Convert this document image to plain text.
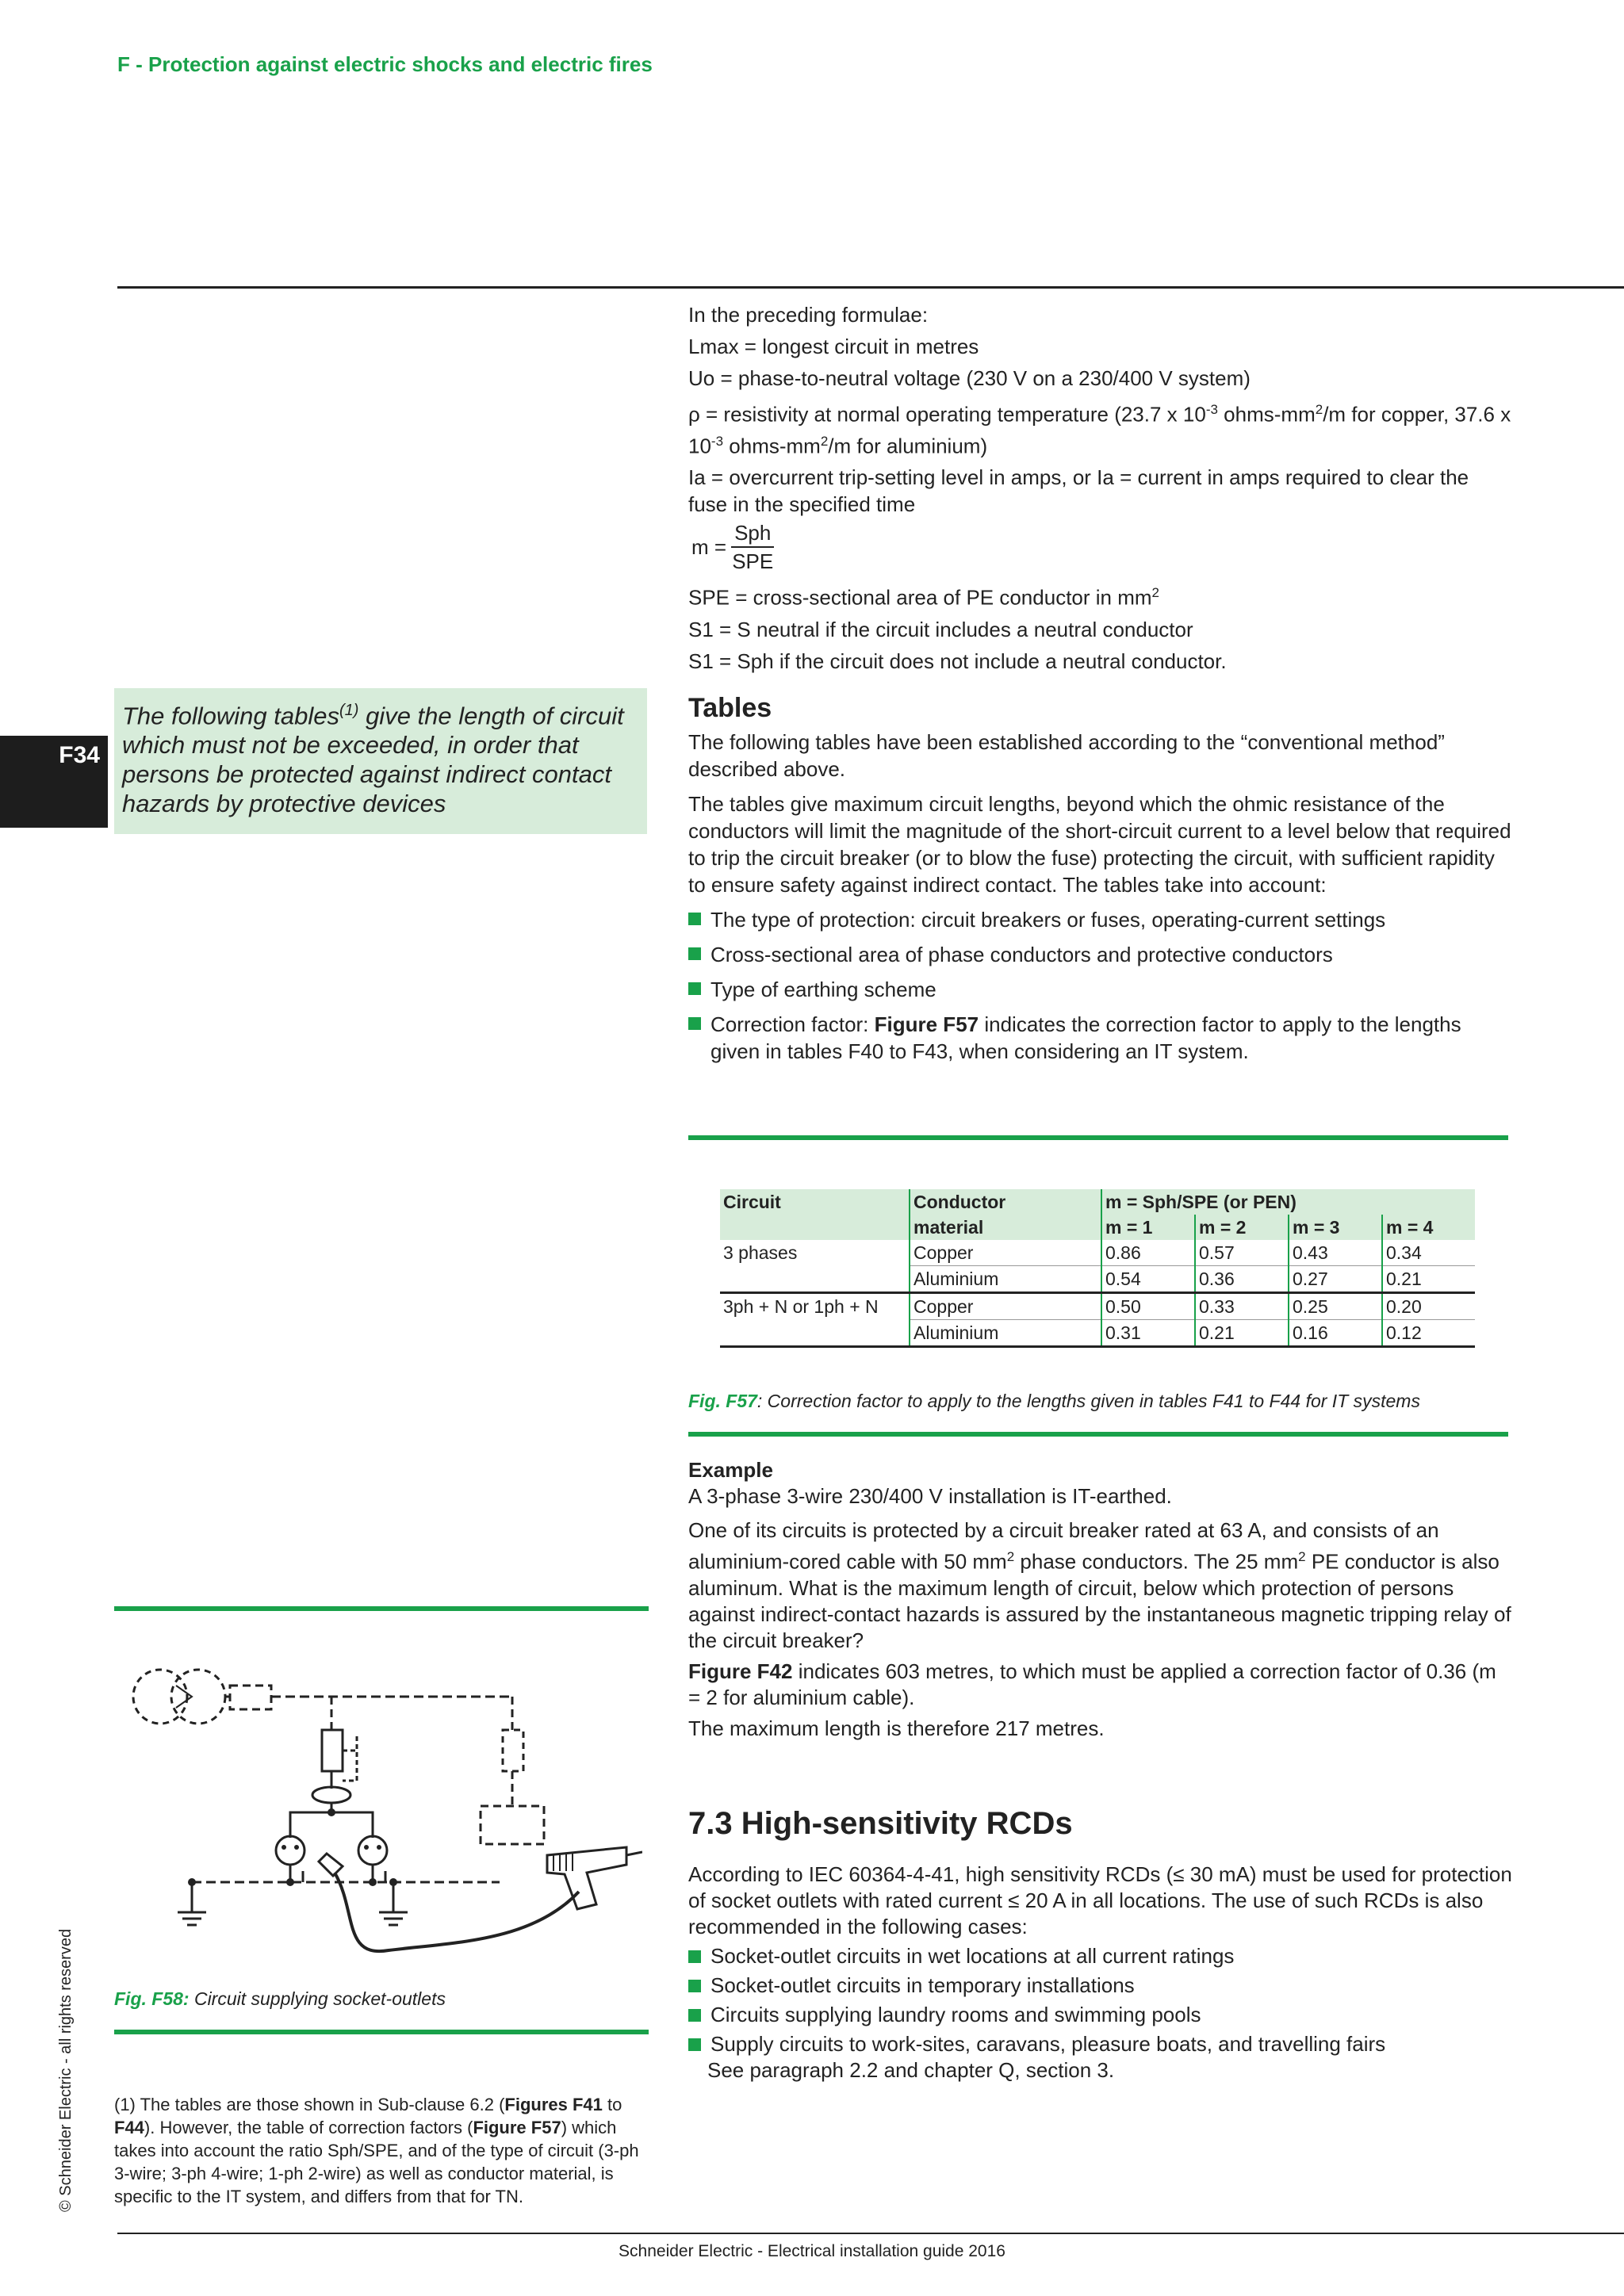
F - Protection against electric shocks and electric fires
F34
© Schneider Electric - all rights reserved
The following tables$^{(1)}$ give the length of circuit which must not be exceeded, in order that persons be protected against indirect contact hazards by protective devices

In the preceding formulae:

Lmax = longest circuit in metres

Uo = phase-to-neutral voltage (230 V on a 230/400 V system)

ρ = resistivity at normal operating temperature (23.7 x $10^{-3}$ ohms-$mm^2/m$ for copper, 37.6 x $10^{-3}$ ohms-$mm^2/m$ for aluminium)

Ia = overcurrent trip-setting level in amps, or Ia = current in amps required to clear the fuse in the specified time

$m = \frac{\text{Sph}}{\text{SPE}}$

SPE = cross-sectional area of PE conductor in $mm^2$

S1 = S neutral if the circuit includes a neutral conductor

S1 = Sph if the circuit does not include a neutral conductor.

Tables

The following tables have been established according to the “conventional method” described above.

The tables give maximum circuit lengths, beyond which the ohmic resistance of the conductors will limit the magnitude of the short-circuit current to a level below that required to trip the circuit breaker (or to blow the fuse) protecting the circuit, with sufficient rapidity to ensure safety against indirect contact. The tables take into account:

The type of protection: circuit breakers or fuses, operating-current settings
Cross-sectional area of phase conductors and protective conductors
Type of earthing scheme
Correction factor: Figure F57 indicates the correction factor to apply to the lengths given in tables F40 to F43, when considering an IT system.
Circuit	Conductor	m = Sph/SPE (or PEN)			
	material	m = 1	m = 2	m = 3	m = 4
3 phases	Copper	0.86	0.57	0.43	0.34
	Aluminium	0.54	0.36	0.27	0.21
3ph + N or 1ph + N	Copper	0.50	0.33	0.25	0.20
	Aluminium	0.31	0.21	0.16	0.12
Fig. F57: Correction factor to apply to the lengths given in tables F41 to F44 for IT systems

Example

A 3-phase 3-wire 230/400 V installation is IT-earthed.

One of its circuits is protected by a circuit breaker rated at 63 A, and consists of an aluminium-cored cable with 50 $mm^2$ phase conductors. The 25 $mm^2$ PE conductor is also aluminum. What is the maximum length of circuit, below which protection of persons against indirect-contact hazards is assured by the instantaneous magnetic tripping relay of the circuit breaker?

Figure F42 indicates 603 metres, to which must be applied a correction factor of 0.36 (m = 2 for aluminium cable).

The maximum length is therefore 217 metres.

7.3 High-sensitivity RCDs

According to IEC 60364-4-41, high sensitivity RCDs (≤ 30 mA) must be used for protection of socket outlets with rated current ≤ 20 A in all locations. The use of such RCDs is also recommended in the following cases:

Socket-outlet circuits in wet locations at all current ratings
Socket-outlet circuits in temporary installations
Circuits supplying laundry rooms and swimming pools
Supply circuits to work-sites, caravans, pleasure boats, and travelling fairs

See paragraph 2.2 and chapter Q, section 3.

Fig. F58: Circuit supplying socket-outlets
(1) The tables are those shown in Sub-clause 6.2 (Figures F41 to F44). However, the table of correction factors (Figure F57) which takes into account the ratio Sph/SPE, and of the type of circuit (3-ph 3-wire; 3-ph 4-wire; 1-ph 2-wire) as well as conductor material, is specific to the IT system, and differs from that for TN.
Schneider Electric - Electrical installation guide 2016
